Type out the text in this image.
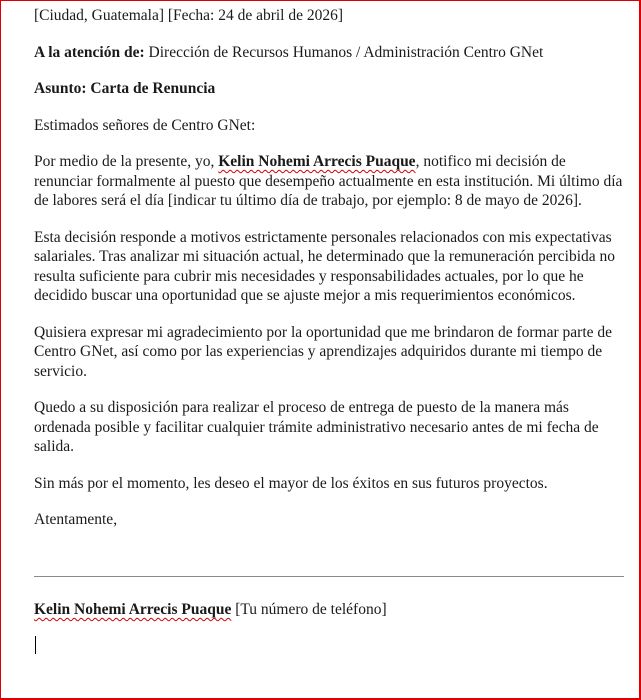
[Ciudad, Guatemala] [Fecha: 24 de abril de 2026]

A la atención de: Dirección de Recursos Humanos / Administración Centro GNet

Asunto: Carta de Renuncia

Estimados señores de Centro GNet:

Por medio de la presente, yo, Kelin Nohemi Arrecis Puaque, notifico mi decisión de renunciar formalmente al puesto que desempeño actualmente en esta institución. Mi último día de labores será el día [indicar tu último día de trabajo, por ejemplo: 8 de mayo de 2026].

Esta decisión responde a motivos estrictamente personales relacionados con mis expectativas salariales. Tras analizar mi situación actual, he determinado que la remuneración percibida no resulta suficiente para cubrir mis necesidades y responsabilidades actuales, por lo que he decidido buscar una oportunidad que se ajuste mejor a mis requerimientos económicos.

Quisiera expresar mi agradecimiento por la oportunidad que me brindaron de formar parte de Centro GNet, así como por las experiencias y aprendizajes adquiridos durante mi tiempo de servicio.

Quedo a su disposición para realizar el proceso de entrega de puesto de la manera más ordenada posible y facilitar cualquier trámite administrativo necesario antes de mi fecha de salida.

Sin más por el momento, les deseo el mayor de los éxitos en sus futuros proyectos.

Atentamente,

Kelin Nohemi Arrecis Puaque [Tu número de teléfono]
